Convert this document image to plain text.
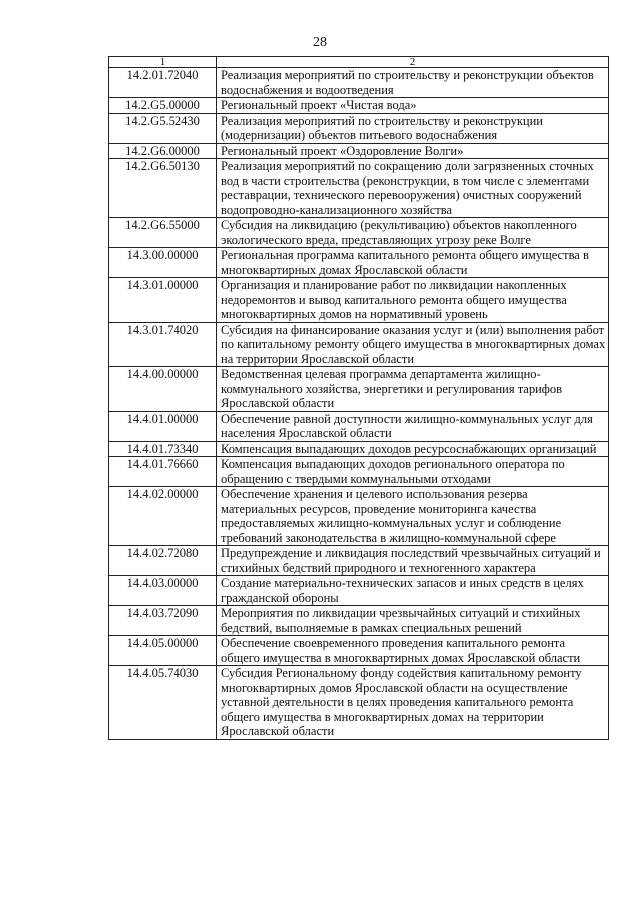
28
1	2
14.2.01.72040	Реализация мероприятий по строительству и реконструкции объектов водоснабжения и водоотведения
14.2.G5.00000	Региональный проект «Чистая вода»
14.2.G5.52430	Реализация мероприятий по строительству и реконструкции (модернизации) объектов питьевого водоснабжения
14.2.G6.00000	Региональный проект «Оздоровление Волги»
14.2.G6.50130	Реализация мероприятий по сокращению доли загрязненных сточных вод в части строительства (реконструкции, в том числе с элементами реставрации, технического перевооружения) очистных сооружений водопроводно-канализационного хозяйства
14.2.G6.55000	Субсидия на ликвидацию (рекультивацию) объектов накопленного экологического вреда, представляющих угрозу реке Волге
14.3.00.00000	Региональная программа капитального ремонта общего имущества в многоквартирных домах Ярославской области
14.3.01.00000	Организация и планирование работ по ликвидации накопленных недоремонтов и вывод капитального ремонта общего имущества многоквартирных домов на нормативный уровень
14.3.01.74020	Субсидия на финансирование оказания услуг и (или) выполнения работ по капитальному ремонту общего имущества в многоквартирных домах на территории Ярославской области
14.4.00.00000	Ведомственная целевая программа департамента жилищно-коммунального хозяйства, энергетики и регулирования тарифов Ярославской области
14.4.01.00000	Обеспечение равной доступности жилищно-коммунальных услуг для населения Ярославской области
14.4.01.73340	Компенсация выпадающих доходов ресурсоснабжающих организаций
14.4.01.76660	Компенсация выпадающих доходов регионального оператора по обращению с твердыми коммунальными отходами
14.4.02.00000	Обеспечение хранения и целевого использования резерва материальных ресурсов, проведение мониторинга качества предоставляемых жилищно-коммунальных услуг и соблюдение требований законодательства в жилищно-коммунальной сфере
14.4.02.72080	Предупреждение и ликвидация последствий чрезвычайных ситуаций и стихийных бедствий природного и техногенного характера
14.4.03.00000	Создание материально-технических запасов и иных средств в целях гражданской обороны
14.4.03.72090	Мероприятия по ликвидации чрезвычайных ситуаций и стихийных бедствий, выполняемые в рамках специальных решений
14.4.05.00000	Обеспечение своевременного проведения капитального ремонта общего имущества в многоквартирных домах Ярославской области
14.4.05.74030	Субсидия Региональному фонду содействия капитальному ремонту многоквартирных домов Ярославской области на осуществление уставной деятельности в целях проведения капитального ремонта общего имущества в многоквартирных домах на территории Ярославской области
